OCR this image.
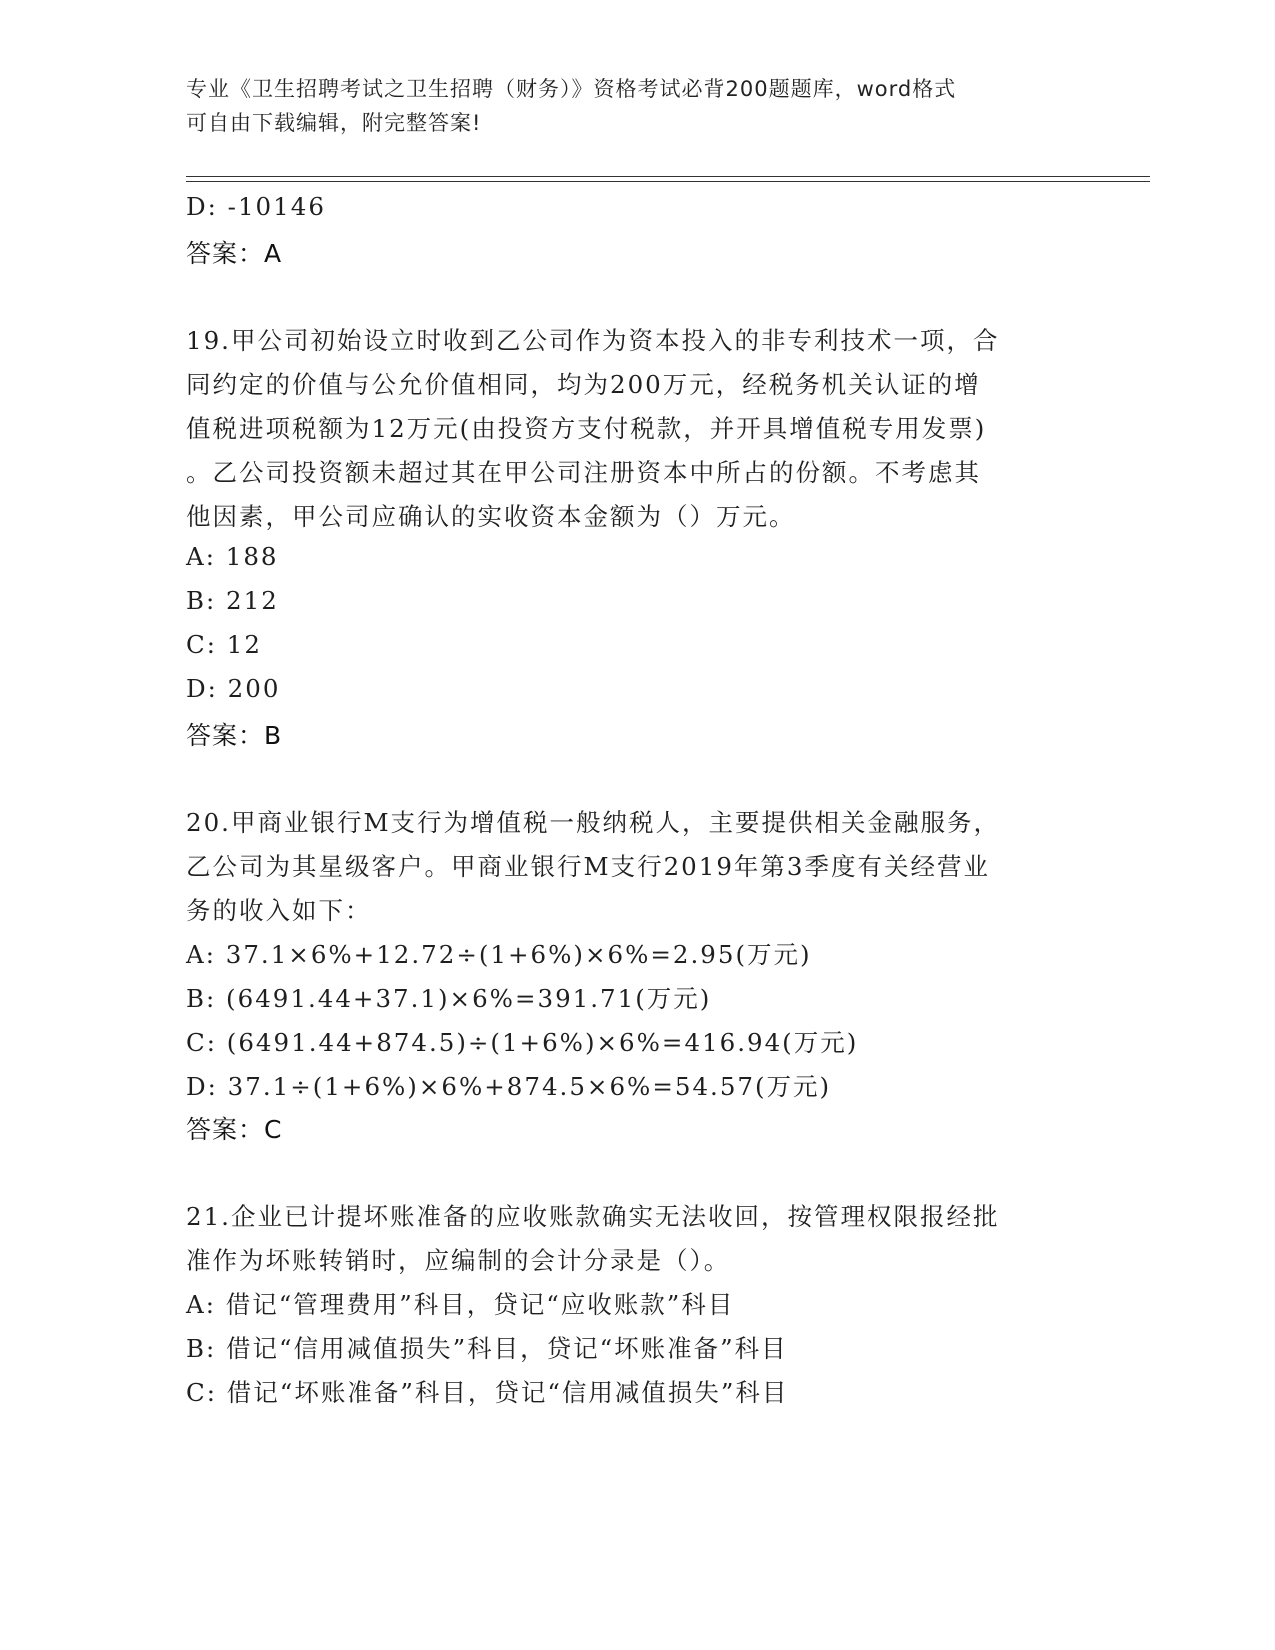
专业《卫生招聘考试之卫生招聘（财务）》资格考试必背200题题库，word格式
可自由下载编辑，附完整答案!
D: -10146
答案：A
19.甲公司初始设立时收到乙公司作为资本投入的非专利技术一项，合
同约定的价值与公允价值相同，均为200万元，经税务机关认证的增
值税进项税额为12万元(由投资方支付税款，并开具增值税专用发票)
。乙公司投资额未超过其在甲公司注册资本中所占的份额。不考虑其
他因素，甲公司应确认的实收资本金额为（）万元。
A: 188
B: 212
C: 12
D: 200
答案：B
20.甲商业银行M支行为增值税一般纳税人，主要提供相关金融服务，
乙公司为其星级客户。甲商业银行M支行2019年第3季度有关经营业
务的收入如下：
A: 37.1×6%+12.72÷(1+6%)×6%=2.95(万元)
B: (6491.44+37.1)×6%=391.71(万元)
C: (6491.44+874.5)÷(1+6%)×6%=416.94(万元)
D: 37.1÷(1+6%)×6%+874.5×6%=54.57(万元)
答案：C
21.企业已计提坏账准备的应收账款确实无法收回，按管理权限报经批
准作为坏账转销时，应编制的会计分录是（）。
A: 借记“管理费用”科目，贷记“应收账款”科目
B: 借记“信用减值损失”科目，贷记“坏账准备”科目
C: 借记“坏账准备”科目，贷记“信用减值损失”科目
